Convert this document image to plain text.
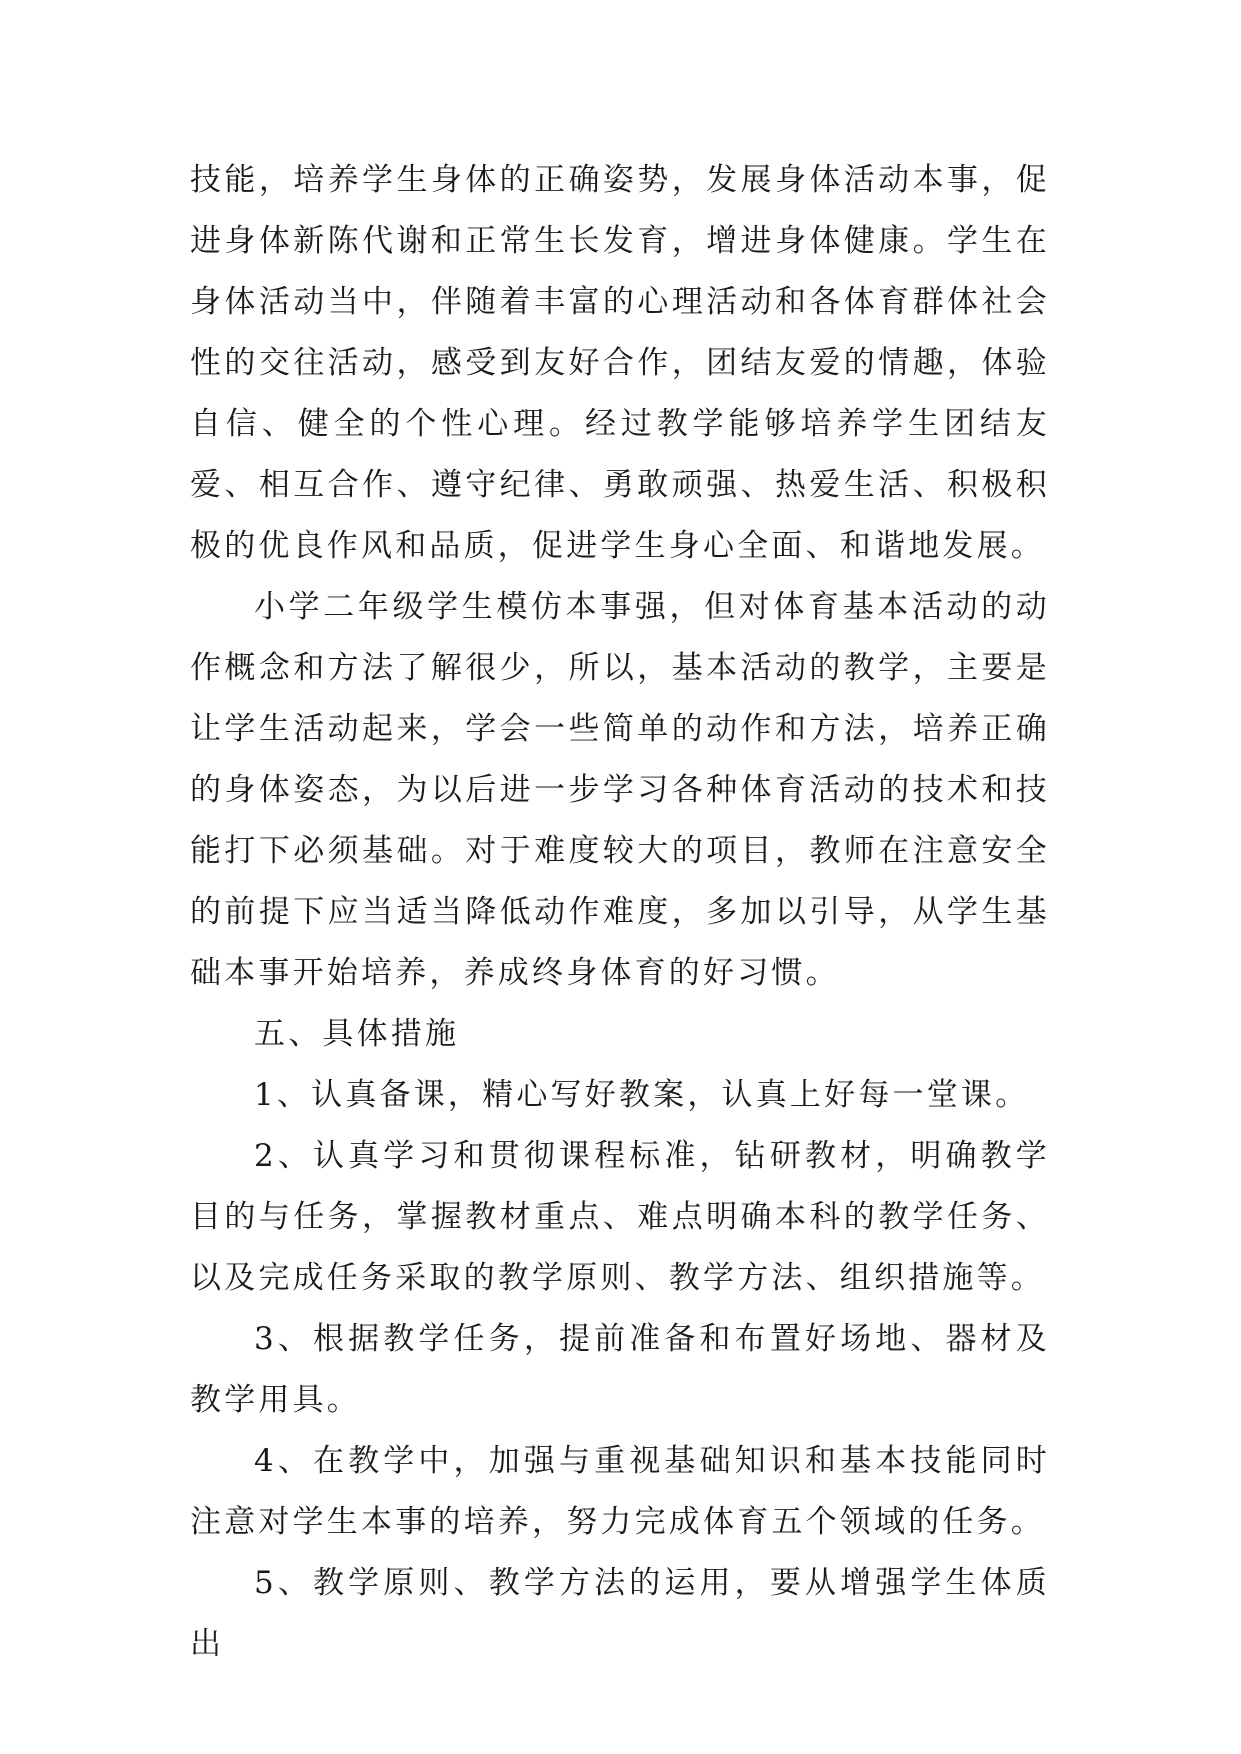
技能，培养学生身体的正确姿势，发展身体活动本事，促进身体新陈代谢和正常生长发育，增进身体健康。学生在身体活动当中，伴随着丰富的心理活动和各体育群体社会性的交往活动，感受到友好合作，团结友爱的情趣，体验自信、健全的个性心理。经过教学能够培养学生团结友爱、相互合作、遵守纪律、勇敢顽强、热爱生活、积极积极的优良作风和品质，促进学生身心全面、和谐地发展。

小学二年级学生模仿本事强，但对体育基本活动的动作概念和方法了解很少，所以，基本活动的教学，主要是让学生活动起来，学会一些简单的动作和方法，培养正确的身体姿态，为以后进一步学习各种体育活动的技术和技能打下必须基础。对于难度较大的项目，教师在注意安全的前提下应当适当降低动作难度，多加以引导，从学生基础本事开始培养，养成终身体育的好习惯。

五、具体措施

1、认真备课，精心写好教案，认真上好每一堂课。

2、认真学习和贯彻课程标准，钻研教材，明确教学目的与任务，掌握教材重点、难点明确本科的教学任务、以及完成任务采取的教学原则、教学方法、组织措施等。

3、根据教学任务，提前准备和布置好场地、器材及教学用具。

4、在教学中，加强与重视基础知识和基本技能同时注意对学生本事的培养，努力完成体育五个领域的任务。

5、教学原则、教学方法的运用，要从增强学生体质出
